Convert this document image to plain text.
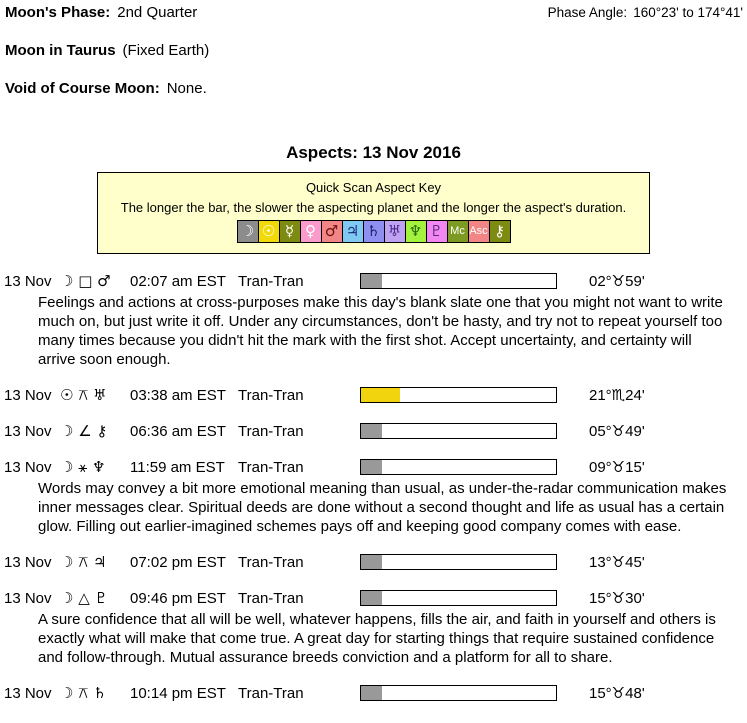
Moon's Phase: 2nd Quarter	Phase Angle: 160°23' to 174°41'
Moon in Taurus (Fixed Earth)
Void of Course Moon: None.
Aspects: 13 Nov 2016
Quick Scan Aspect Key
The longer the bar, the slower the aspecting planet and the longer the aspect's duration.
☽ ☉ ☿ ♀ ♂ ♃ ♄ ♅ ♆ ♇ Mc Asc ⚷
13 Nov ☽ □ ♂	02:07 am EST Tran-Tran	02°♉59'
Feelings and actions at cross-purposes make this day's blank slate one that you might not want to write much on, but just write it off. Under any circumstances, don't be hasty, and try not to repeat yourself too many times because you didn't hit the mark with the first shot. Accept uncertainty, and certainty will arrive soon enough.
13 Nov ☉ ⚻ ♅	03:38 am EST Tran-Tran	21°♏24'
13 Nov ☽ ∠ ⚷	06:36 am EST Tran-Tran	05°♉49'
13 Nov ☽ ⚹ ♆	11:59 am EST Tran-Tran	09°♉15'
Words may convey a bit more emotional meaning than usual, as under-the-radar communication makes inner messages clear. Spiritual deeds are done without a second thought and life as usual has a certain glow. Filling out earlier-imagined schemes pays off and keeping good company comes with ease.
13 Nov ☽ ⚻ ♃	07:02 pm EST Tran-Tran	13°♉45'
13 Nov ☽ △ ♇	09:46 pm EST Tran-Tran	15°♉30'
A sure confidence that all will be well, whatever happens, fills the air, and faith in yourself and others is exactly what will make that come true. A great day for starting things that require sustained confidence and follow-through. Mutual assurance breeds conviction and a platform for all to share.
13 Nov ☽ ⚻ ♄	10:14 pm EST Tran-Tran	15°♉48'
